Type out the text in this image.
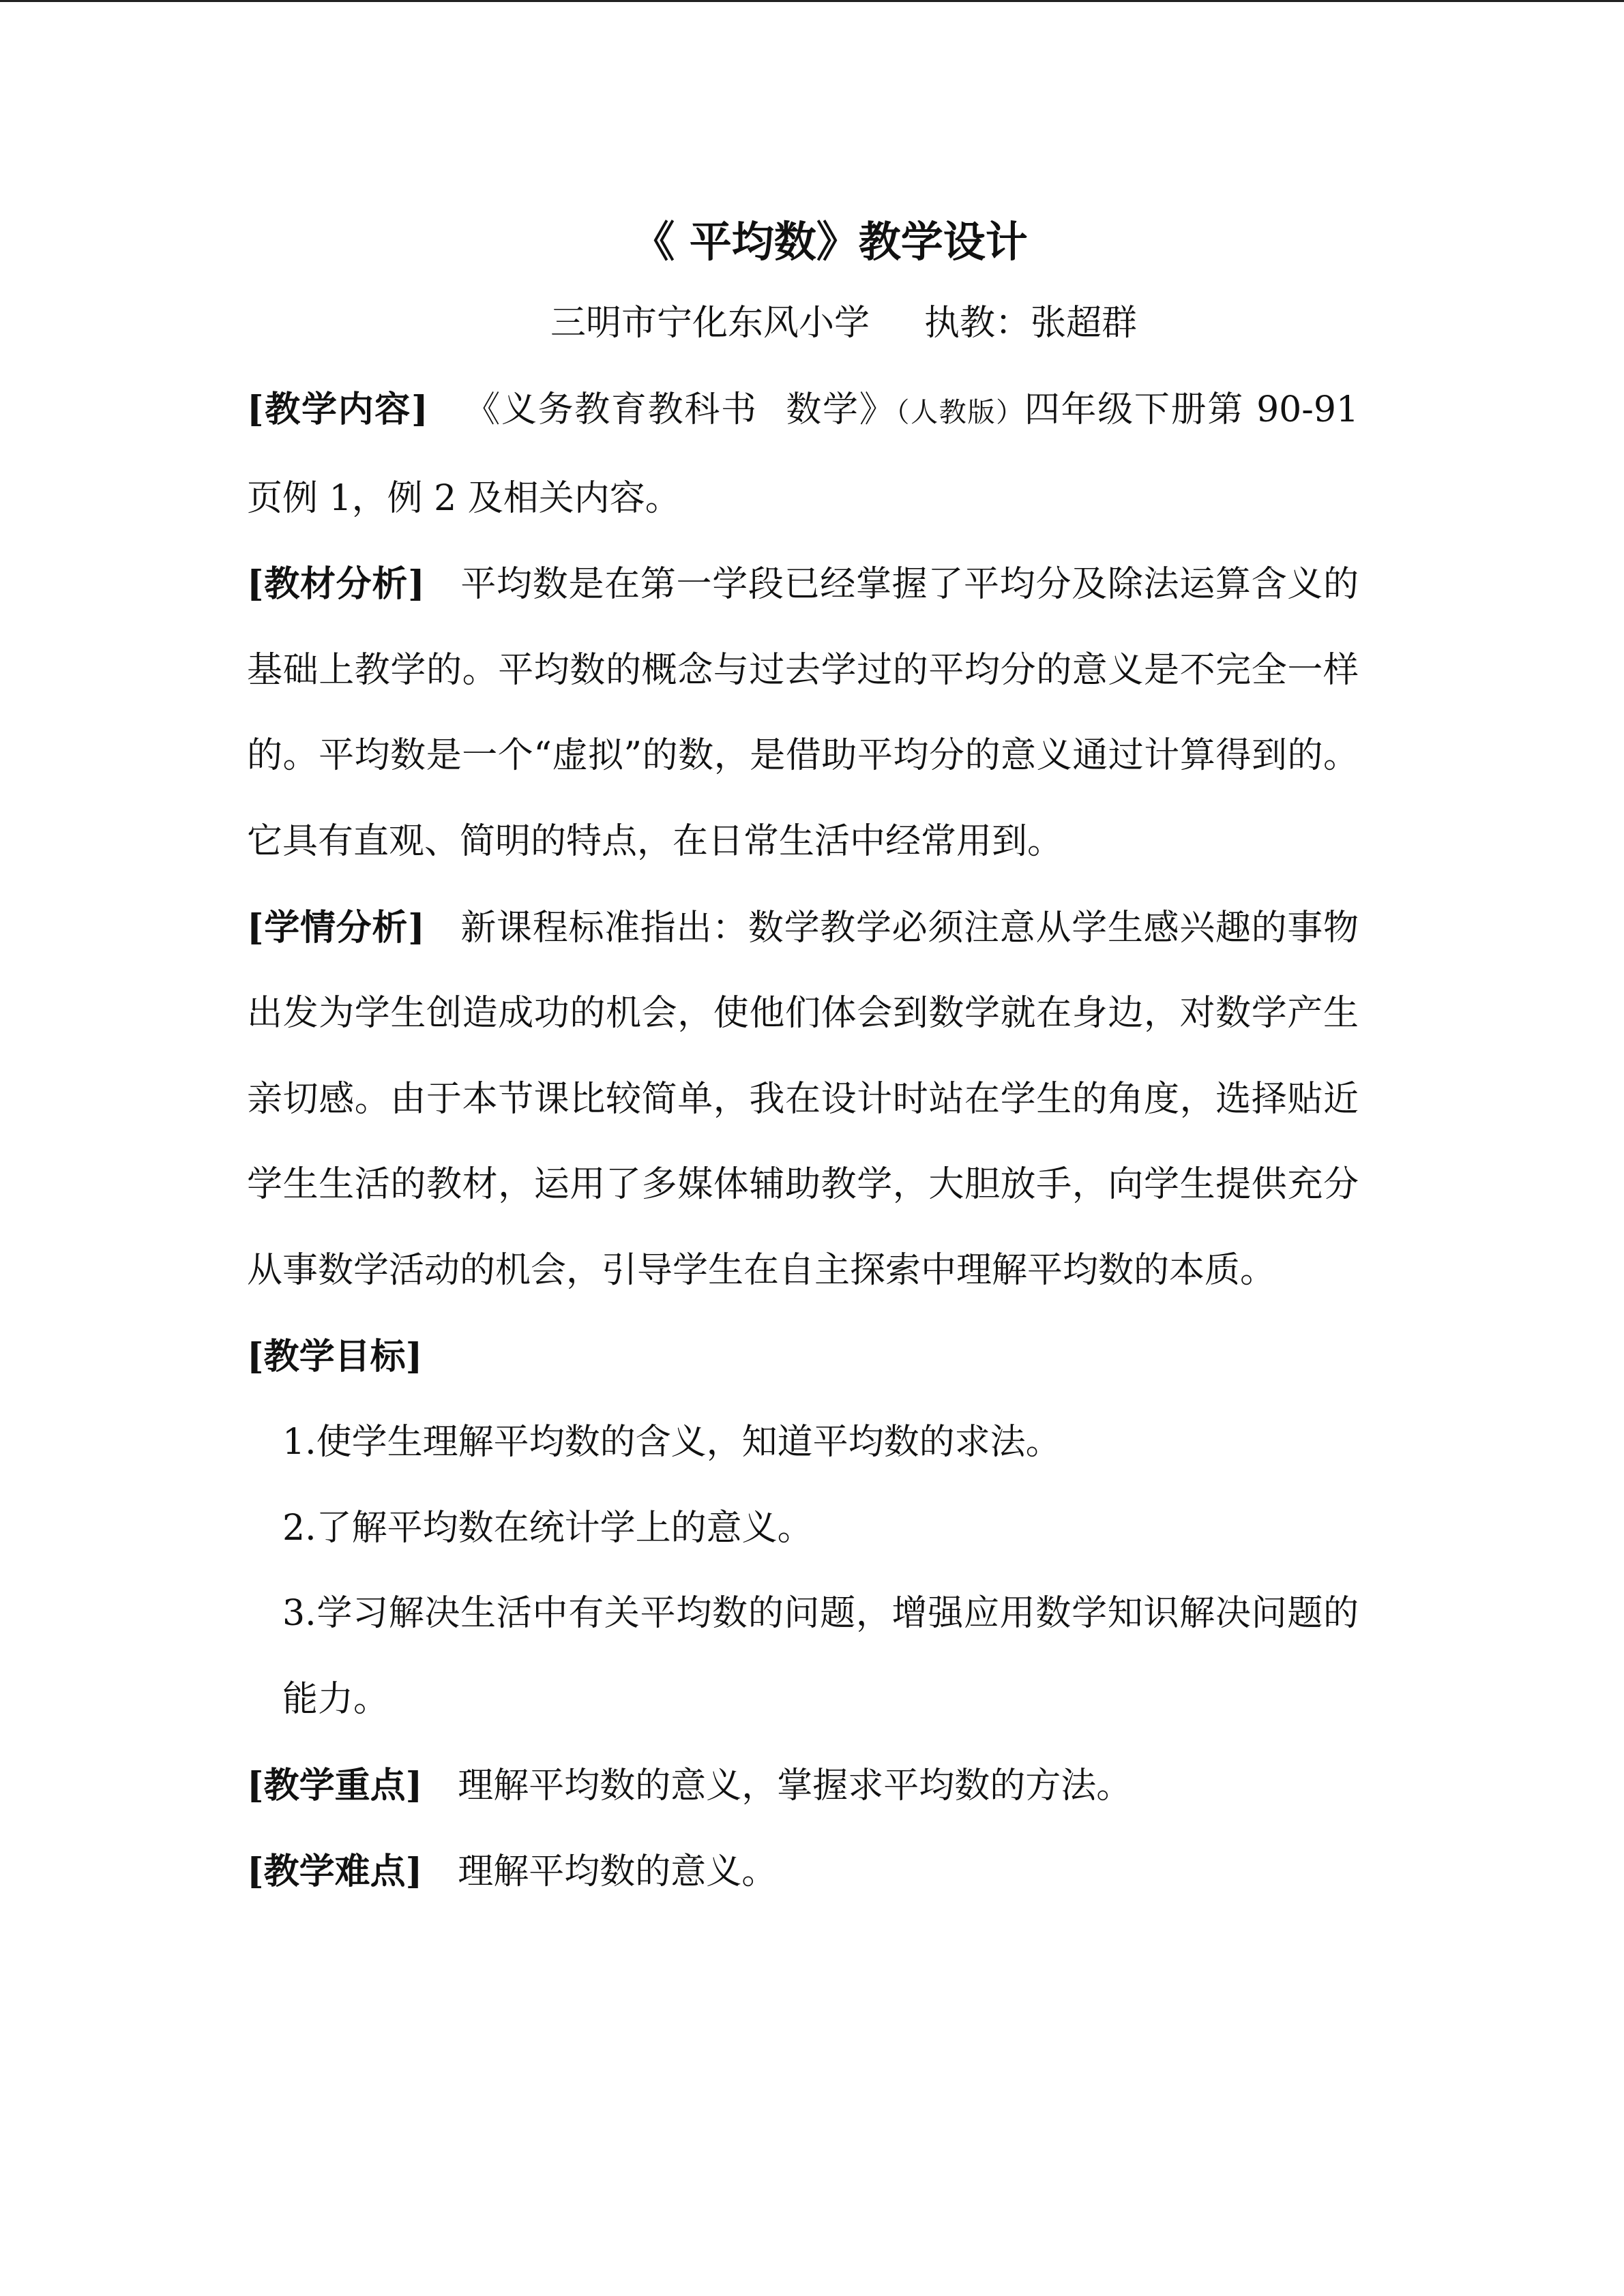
《 平均数》教学设计
三明市宁化东风小学 执教：张超群

[教学内容] 《义务教育教科书 数学》（人教版）四年级下册第 90-91 页例 1，例 2 及相关内容。

[教材分析] 平均数是在第一学段已经掌握了平均分及除法运算含义的基础上教学的。平均数的概念与过去学过的平均分的意义是不完全一样的。平均数是一个“虚拟”的数，是借助平均分的意义通过计算得到的。它具有直观、简明的特点，在日常生活中经常用到。

[学情分析] 新课程标准指出：数学教学必须注意从学生感兴趣的事物出发为学生创造成功的机会，使他们体会到数学就在身边，对数学产生亲切感。由于本节课比较简单，我在设计时站在学生的角度，选择贴近学生生活的教材，运用了多媒体辅助教学，大胆放手，向学生提供充分从事数学活动的机会，引导学生在自主探索中理解平均数的本质。

[教学目标]

1.使学生理解平均数的含义，知道平均数的求法。

2.了解平均数在统计学上的意义。

3.学习解决生活中有关平均数的问题，增强应用数学知识解决问题的能力。

[教学重点] 理解平均数的意义，掌握求平均数的方法。

[教学难点] 理解平均数的意义。
